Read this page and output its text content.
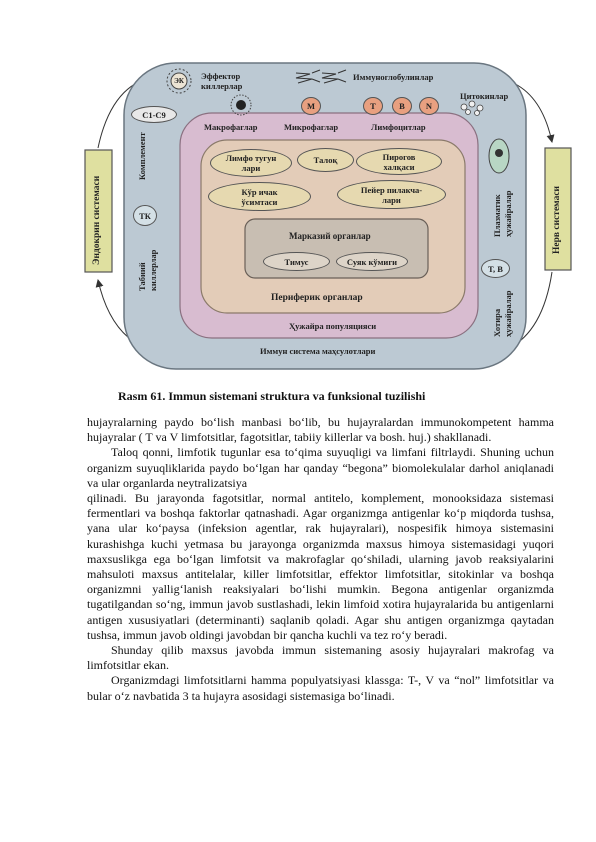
ЭК
C1-C9
М	Т	В	N
ТК
T, B
Эффектор
киллерлар
Иммуноглобулинлар
Цитокинлар
Макрофаглар	Микрофаглар	Лимфоцитлар
Лимфо тугун
лари
Талоқ	Пирогов
халқаси
Кўр ичак
ўсимтаси
Пейер пилакча-
лари
Марказий органлар
Тимус	Суяк кўмиги
Периферик органлар
Ҳужайра популяцияси
Иммун система маҳсулотлари
Комплемент
Табиий
киллерлар
Плазматик
ҳужайралар
Хотира
ҳужайралар
Эндокрин системаси	Нерв системаси
Rasm 61. Immun sistemani struktura va funksional tuzilishi

hujayralarning paydo bo‘lish manbasi bo‘lib, bu hujayralardan immunokompetent hamma hujayralar ( T va V limfotsitlar, fagotsitlar, tabiiy killerlar va bosh. huj.) shakllanadi.

Taloq qonni, limfotik tugunlar esa to‘qima suyuqligi va limfani filtrlaydi. Shuning uchun organizm suyuqliklarida paydo bo‘lgan har qanday “begona” biomolekulalar darhol aniqlanadi va ular organlarda neytralizatsiya

qilinadi. Bu jarayonda fagotsitlar, normal antitelo, komplement, monooksidaza sistemasi fermentlari va boshqa faktorlar qatnashadi. Agar organizmga antigenlar ko‘p miqdorda tushsa, yana ular ko‘paysa (infeksion agentlar, rak hujayralari), nospesifik himoya sistemasini kurashishga kuchi yetmasa bu jarayonga organizmda maxsus himoya sistemasidagi yuqori maxsuslikga ega bo‘lgan limfotsit va makrofaglar qo‘shiladi, ularning javob reaksiyalarini mahsuloti maxsus antitelalar, killer limfotsitlar, effektor limfotsitlar, sitokinlar va boshqa organizmni yallig‘lanish reaksiyalari bo‘lishi mumkin. Begona antigenlar organizmda tugatilgandan so‘ng, immun javob sustlashadi, lekin limfoid xotira hujayralarida bu antigenlarni antigen xususiyatlari (determinanti) saqlanib qoladi. Agar shu antigen organizmga qaytadan tushsa, immun javob oldingi javobdan bir qancha kuchli va tez ro‘y beradi.

Shunday qilib maxsus javobda immun sistemaning asosiy hujayralari makrofag va limfotsitlar ekan.

Organizmdagi limfotsitlarni hamma populyatsiyasi klassga: T-, V va “nol” limfotsitlar va bular o‘z navbatida 3 ta hujayra asosidagi sistemasiga bo‘linadi.
